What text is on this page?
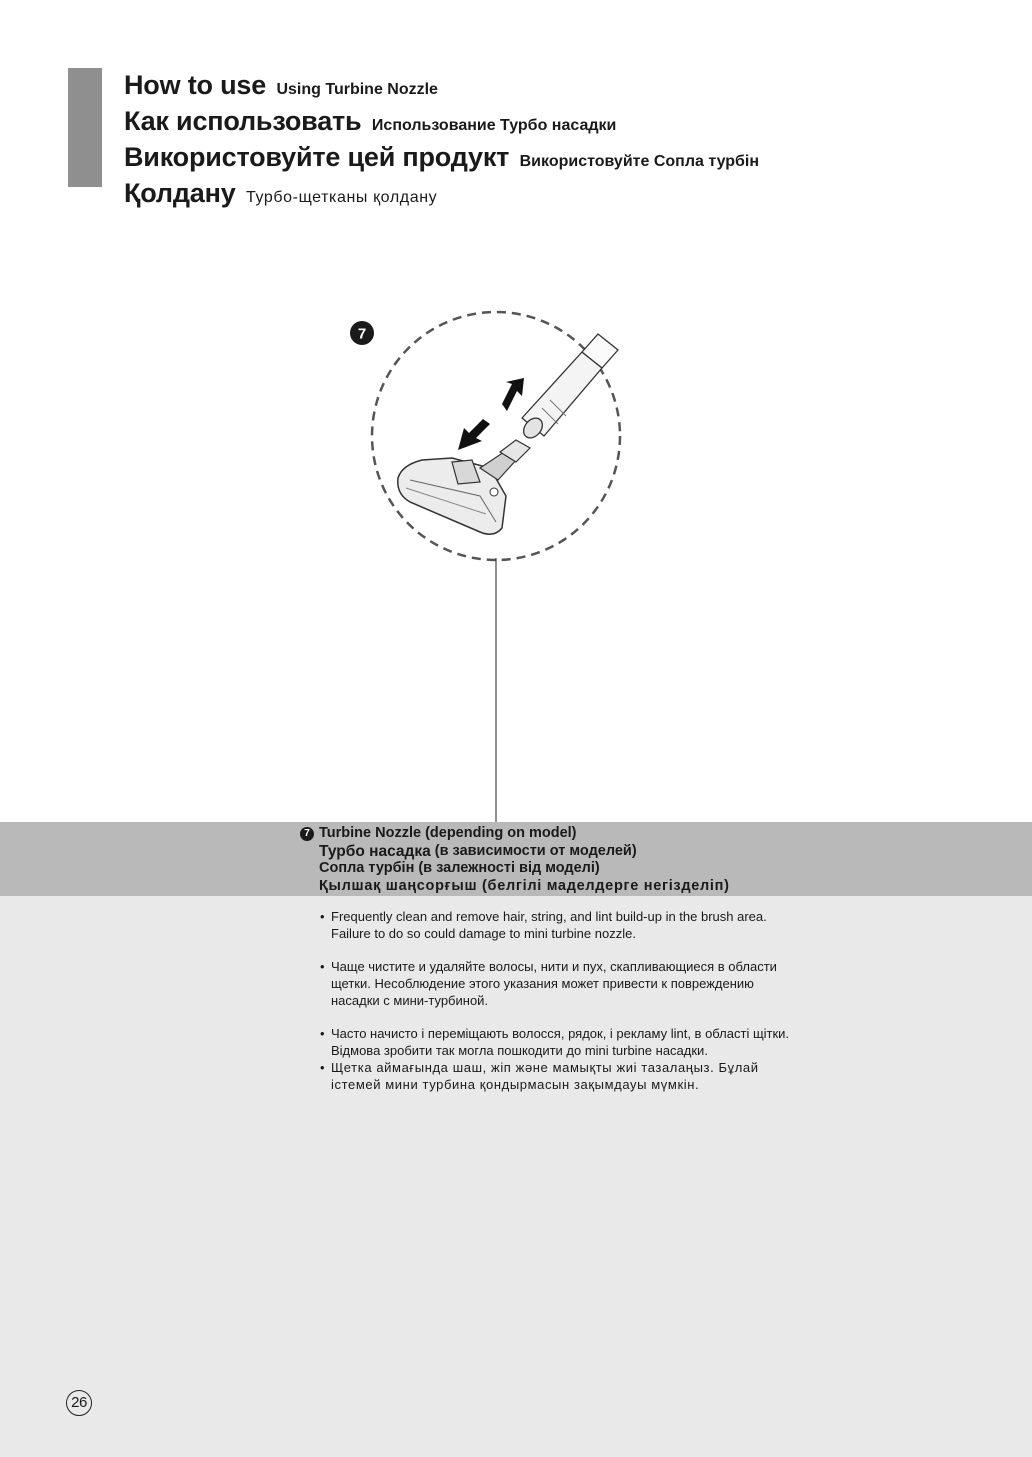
How to use Using Turbine Nozzle
Как использовать Использование Турбо насадки
Використовуйте цей продукт Використовуйте Сопла турбін
Қолдану Турбо-щетканы қолдану
7
7 Turbine Nozzle (depending on model)
Турбо насадка
(в зависимости от моделей)
Сопла турбін (в залежності від моделі)
Қылшақ шаңсорғыш (белгілі маделдерге негізделіп)
• Frequently clean and remove hair, string, and lint build-up in the brush area.
Failure to do so could damage to mini turbine nozzle.
• Чаще чистите и удаляйте волосы, нити и пух, скапливающиеся в области
щетки. Несоблюдение этого указания может привести к повреждению
насадки с мини-турбиной.
• Часто начисто і переміщають волосся, рядок, і рекламу lint, в області щітки.
Відмова зробити так могла пошкодити до mini turbine насадки.
• Щетка аймағында шаш, жіп және мамықты жиі тазалаңыз. Бұлай
істемей мини турбина қондырмасын зақымдауы мүмкін.
26
